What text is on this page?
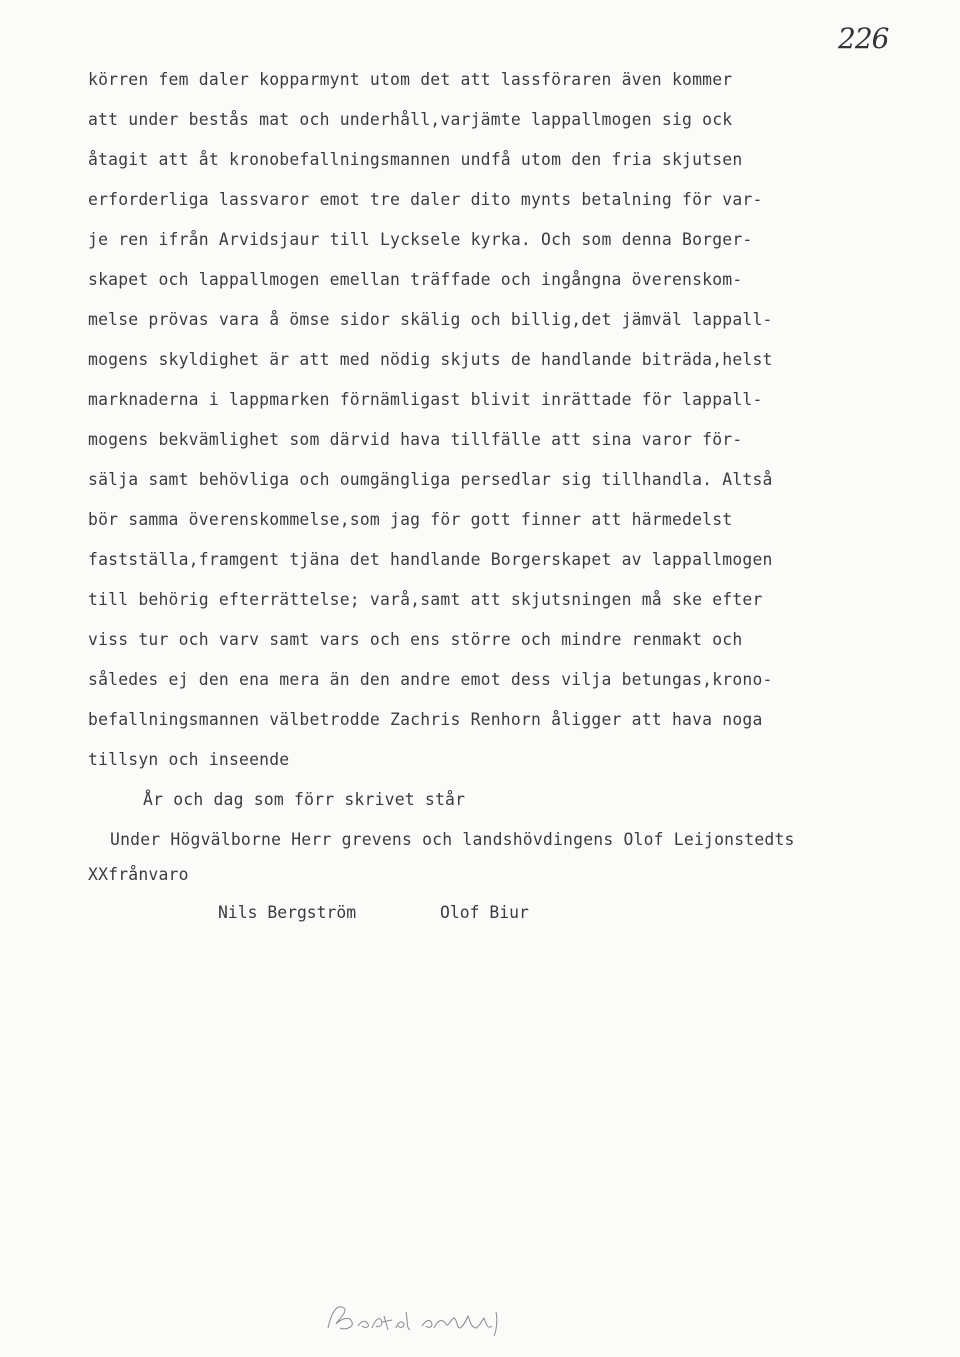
226
körren fem daler kopparmynt utom det att lassföraren även kommer
att under bestås mat och underhåll,varjämte lappallmogen sig ock
åtagit att åt kronobefallningsmannen undfå utom den fria skjutsen
erforderliga lassvaror emot tre daler dito mynts betalning för var-
je ren ifrån Arvidsjaur till Lycksele kyrka. Och som denna Borger-
skapet och lappallmogen emellan träffade och ingångna överenskom-
melse prövas vara å ömse sidor skälig och billig,det jämväl lappall-
mogens skyldighet är att med nödig skjuts de handlande biträda,helst
marknaderna i lappmarken förnämligast blivit inrättade för lappall-
mogens bekvämlighet som därvid hava tillfälle att sina varor för-
sälja samt behövliga och oumgängliga persedlar sig tillhandla. Altså
bör samma överenskommelse,som jag för gott finner att härmedelst
fastställa,framgent tjäna det handlande Borgerskapet av lappallmogen
till behörig efterrättelse; varå,samt att skjutsningen må ske efter
viss tur och varv samt vars och ens större och mindre renmakt och
således ej den ena mera än den andre emot dess vilja betungas,krono-
befallningsmannen välbetrodde Zachris Renhorn åligger att hava noga
tillsyn och inseende
År och dag som förr skrivet står
Under Högvälborne Herr grevens och landshövdingens Olof Leijonstedts
XXfrånvaro
Nils Bergström	Olof Biur
